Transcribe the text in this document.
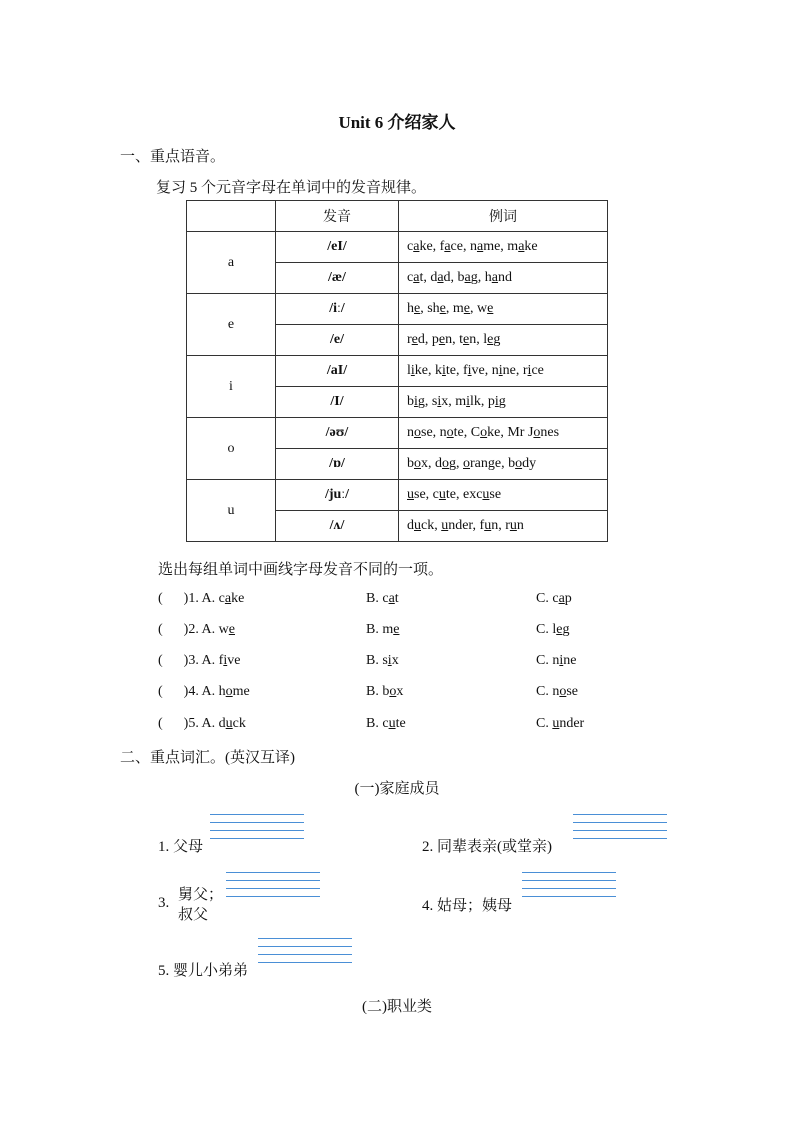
Unit 6 介绍家人
一、重点语音。
复习 5 个元音字母在单词中的发音规律。
	发音	例词
a	/eI/	cake, face, name, make
	/æ/	cat, dad, bag, hand
e	/iː/	he, she, me, we
	/e/	red, pen, ten, leg
i	/aI/	like, kite, five, nine, rice
	/I/	big, six, milk, pig
o	/əʊ/	nose, note, Coke, Mr Jones
	/ɒ/	box, dog, orange, body
u	/juː/	use, cute, excuse
	/ʌ/	duck, under, fun, run
选出每组单词中画线字母发音不同的一项。
(      )1. A. cake	B. cat	C. cap
(      )2. A. we	B. me	C. leg
(      )3. A. five	B. six	C. nine
(      )4. A. home	B. box	C. nose
(      )5. A. duck	B. cute	C. under
二、重点词汇。(英汉互译)
(一)家庭成员
1. 父母	2. 同辈表亲(或堂亲)
3. 舅父；
叔父
4. 姑母；姨母
5. 婴儿小弟弟
(二)职业类
